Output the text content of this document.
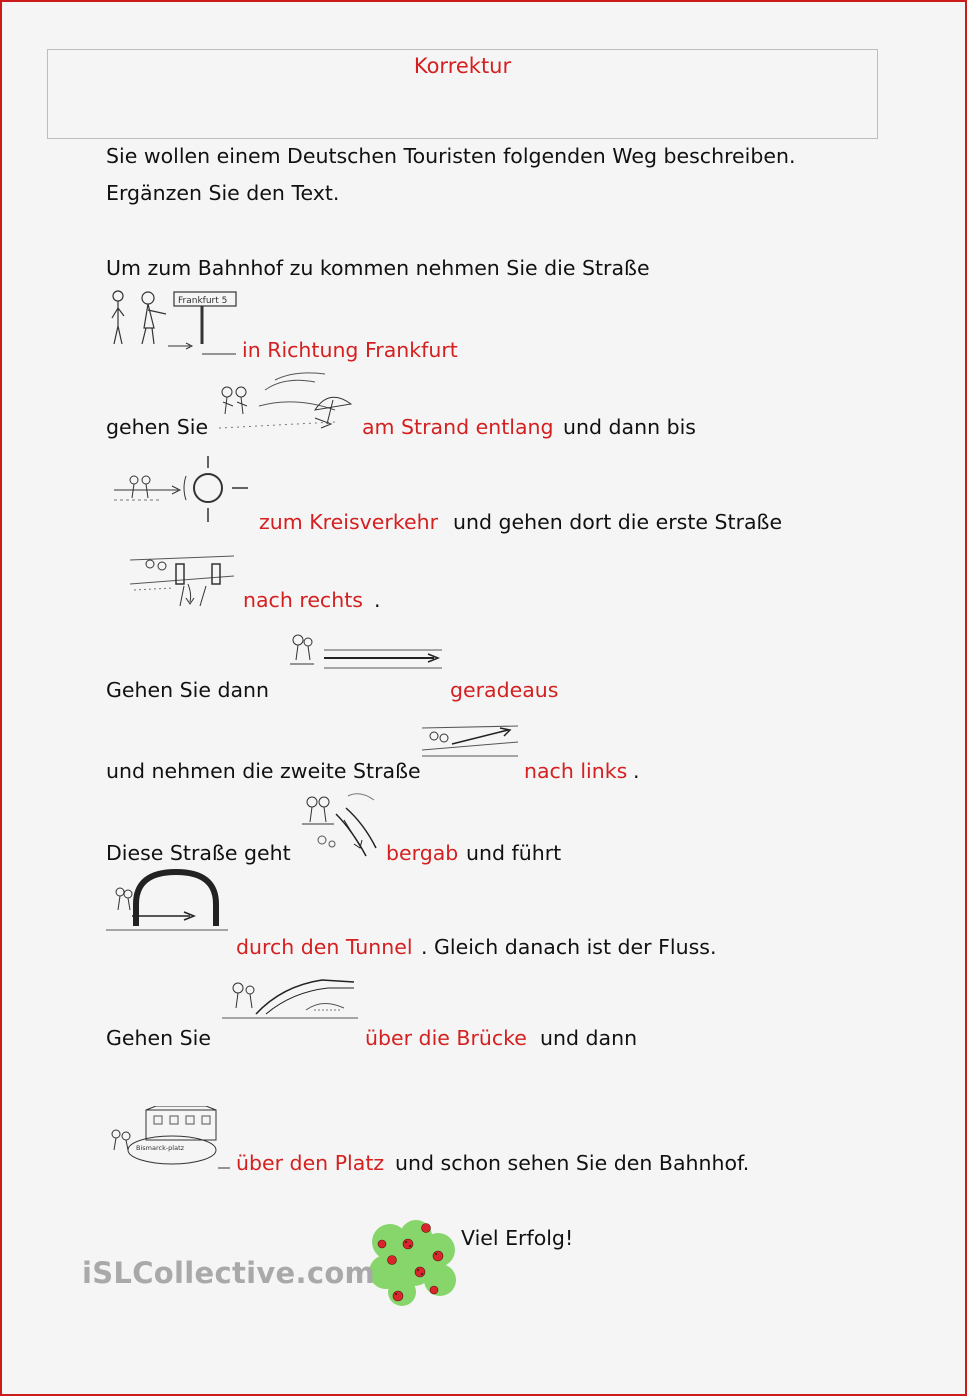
Korrektur
Sie wollen einem Deutschen Touristen folgenden Weg beschreiben.
Ergänzen Sie den Text.
Um zum Bahnhof zu kommen nehmen Sie die Straße
Frankfurt 5
in Richtung Frankfurt
gehen Sie	am Strand entlang und dann bis
zum Kreisverkehr und gehen dort die erste Straße
nach rechts .
Gehen Sie dann	geradeaus
und nehmen die zweite Straße	nach links .
Diese Straße geht	bergab und führt
durch den Tunnel . Gleich danach ist der Fluss.
Gehen Sie	über die Brücke und dann
Bismarck-platz
über den Platz und schon sehen Sie den Bahnhof.
Viel Erfolg!
iSLCollective.com
